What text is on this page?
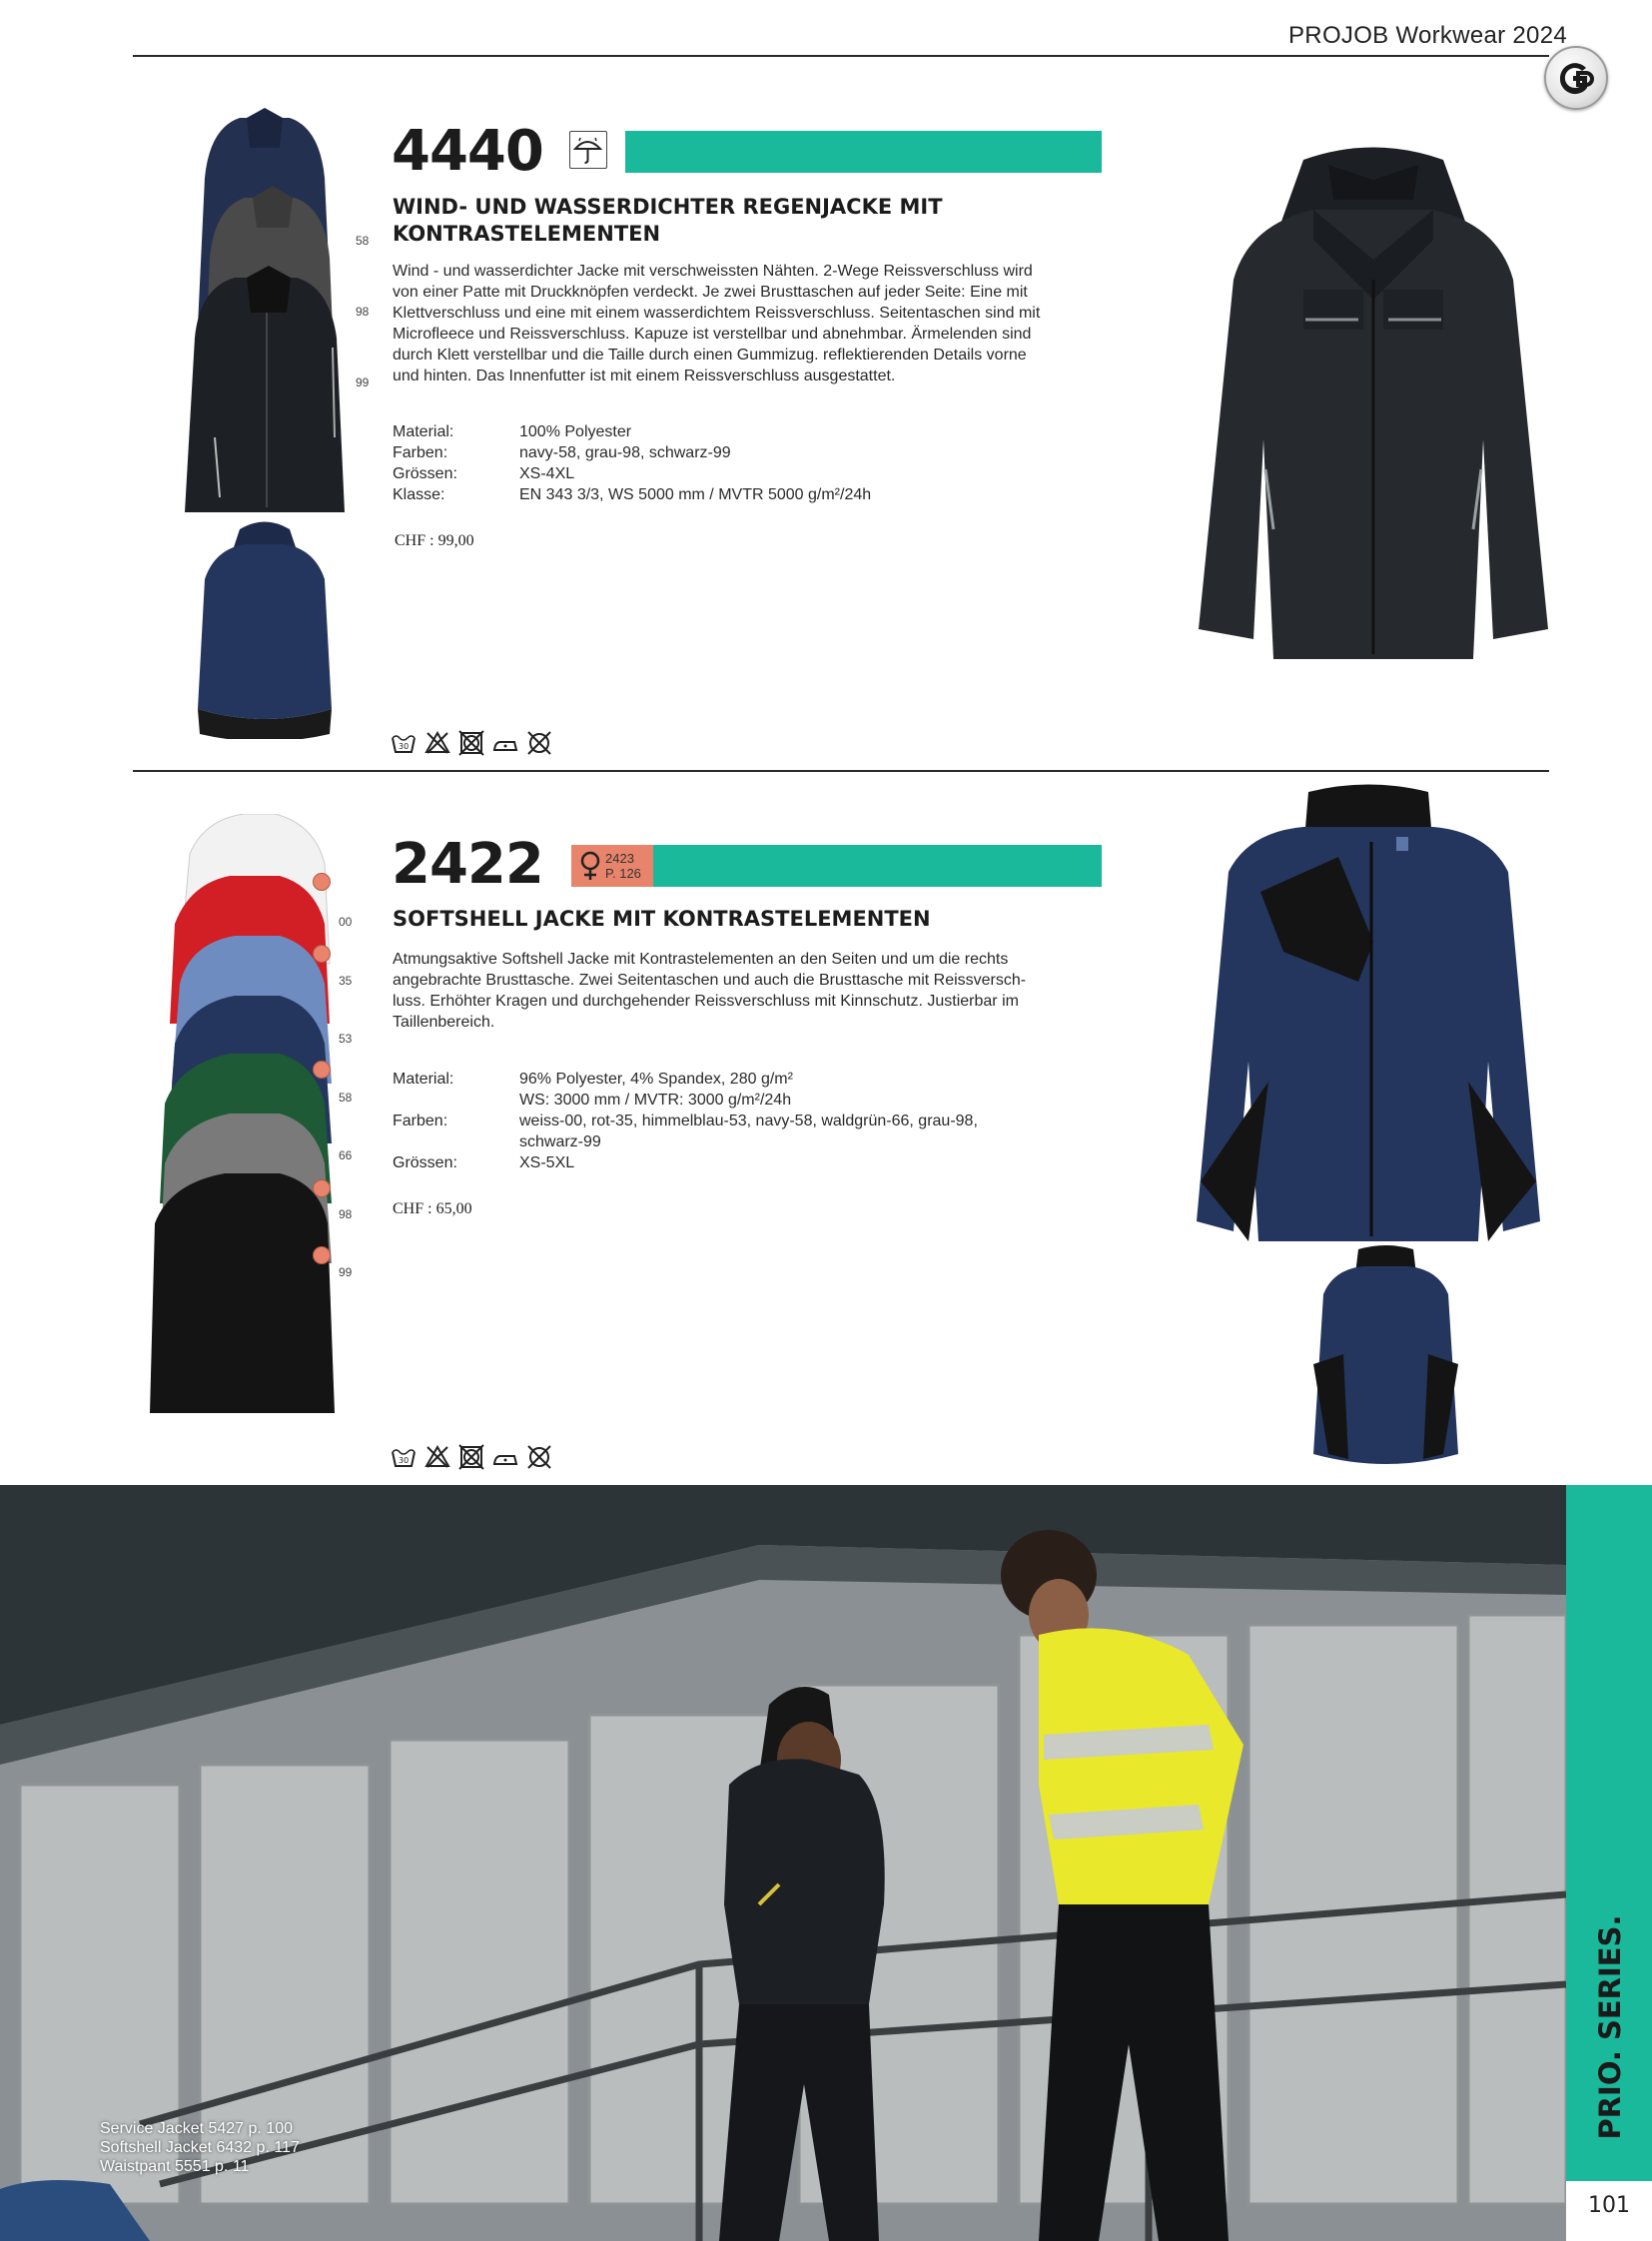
PROJOB Workwear 2024
58
98
99
4440
WIND- UND WASSERDICHTER REGENJACKE MIT
KONTRASTELEMENTEN
Wind - und wasserdichter Jacke mit verschweissten Nähten. 2-Wege Reissverschluss wird
von einer Patte mit Druckknöpfen verdeckt. Je zwei Brusttaschen auf jeder Seite: Eine mit
Klettverschluss und eine mit einem wasserdichtem Reissverschluss. Seitentaschen sind mit
Microfleece und Reissverschluss. Kapuze ist verstellbar und abnehmbar. Ärmelenden sind
durch Klett verstellbar und die Taille durch einen Gummizug. reflektierenden Details vorne
und hinten. Das Innenfutter ist mit einem Reissverschluss ausgestattet.
Material:	100% Polyester
Farben:	navy-58, grau-98, schwarz-99
Grössen:	XS-4XL
Klasse:	EN 343 3/3, WS 5000 mm / MVTR 5000 g/m²/24h
CHF : 99,00
30
00
35
53
58
66
98
99
2422	2423
P. 126
SOFTSHELL JACKE MIT KONTRASTELEMENTEN
Atmungsaktive Softshell Jacke mit Kontrastelementen an den Seiten und um die rechts
angebrachte Brusttasche. Zwei Seitentaschen und auch die Brusttasche mit Reissversch-
luss. Erhöhter Kragen und durchgehender Reissverschluss mit Kinnschutz. Justierbar im
Taillenbereich.
Material:	96% Polyester, 4% Spandex, 280 g/m²
WS: 3000 mm / MVTR: 3000 g/m²/24h
Farben:	weiss-00, rot-35, himmelblau-53, navy-58, waldgrün-66, grau-98,
schwarz-99
Grössen:	XS-5XL
CHF : 65,00
30
Service Jacket 5427 p. 100
Softshell Jacket 6432 p. 117
Waistpant 5551 p. 11
PRIO. SERIES.
101
